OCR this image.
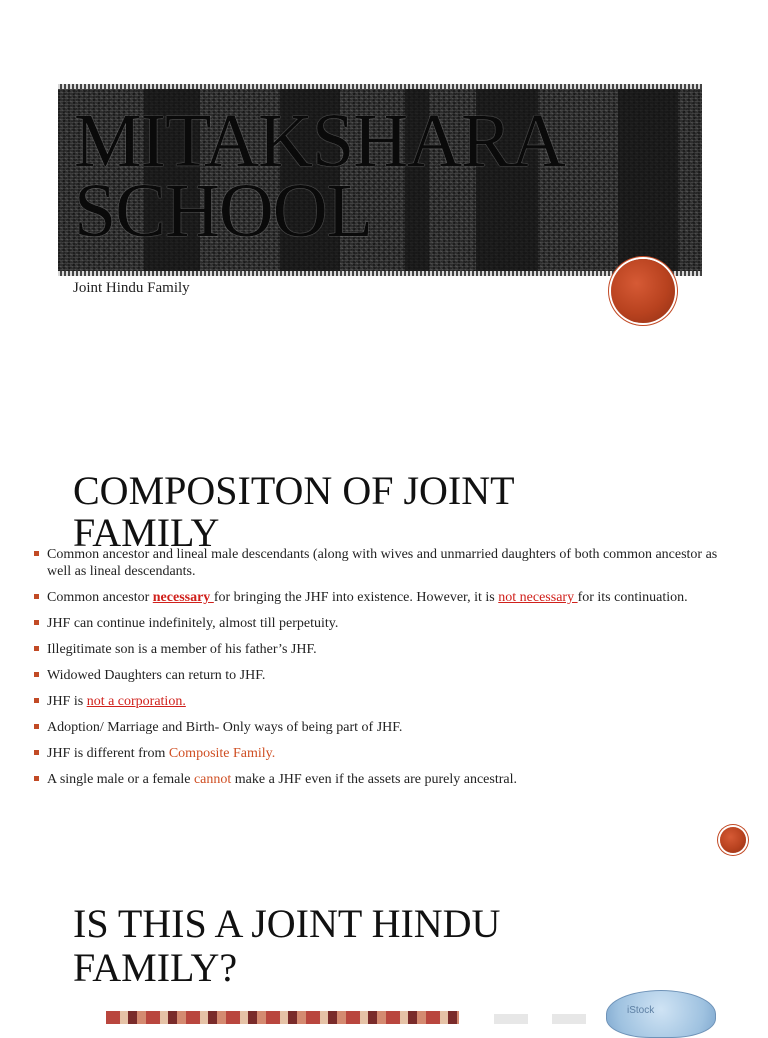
MITAKSHARA
SCHOOL
Joint Hindu Family
COMPOSITON OF JOINT
FAMILY
Common ancestor and lineal male descendants (along with wives and unmarried daughters of both common ancestor as well as lineal descendants.
Common ancestor necessary for bringing the JHF into existence. However, it is not necessary for its continuation.
JHF can continue indefinitely, almost till perpetuity.
Illegitimate son is a member of his father’s JHF.
Widowed Daughters can return to JHF.
JHF is not a corporation.
Adoption/ Marriage and Birth- Only ways of being part of JHF.
JHF is different from Composite Family.
A single male or a female cannot make a JHF even if the assets are purely ancestral.
IS THIS A JOINT HINDU
FAMILY?
iStock
